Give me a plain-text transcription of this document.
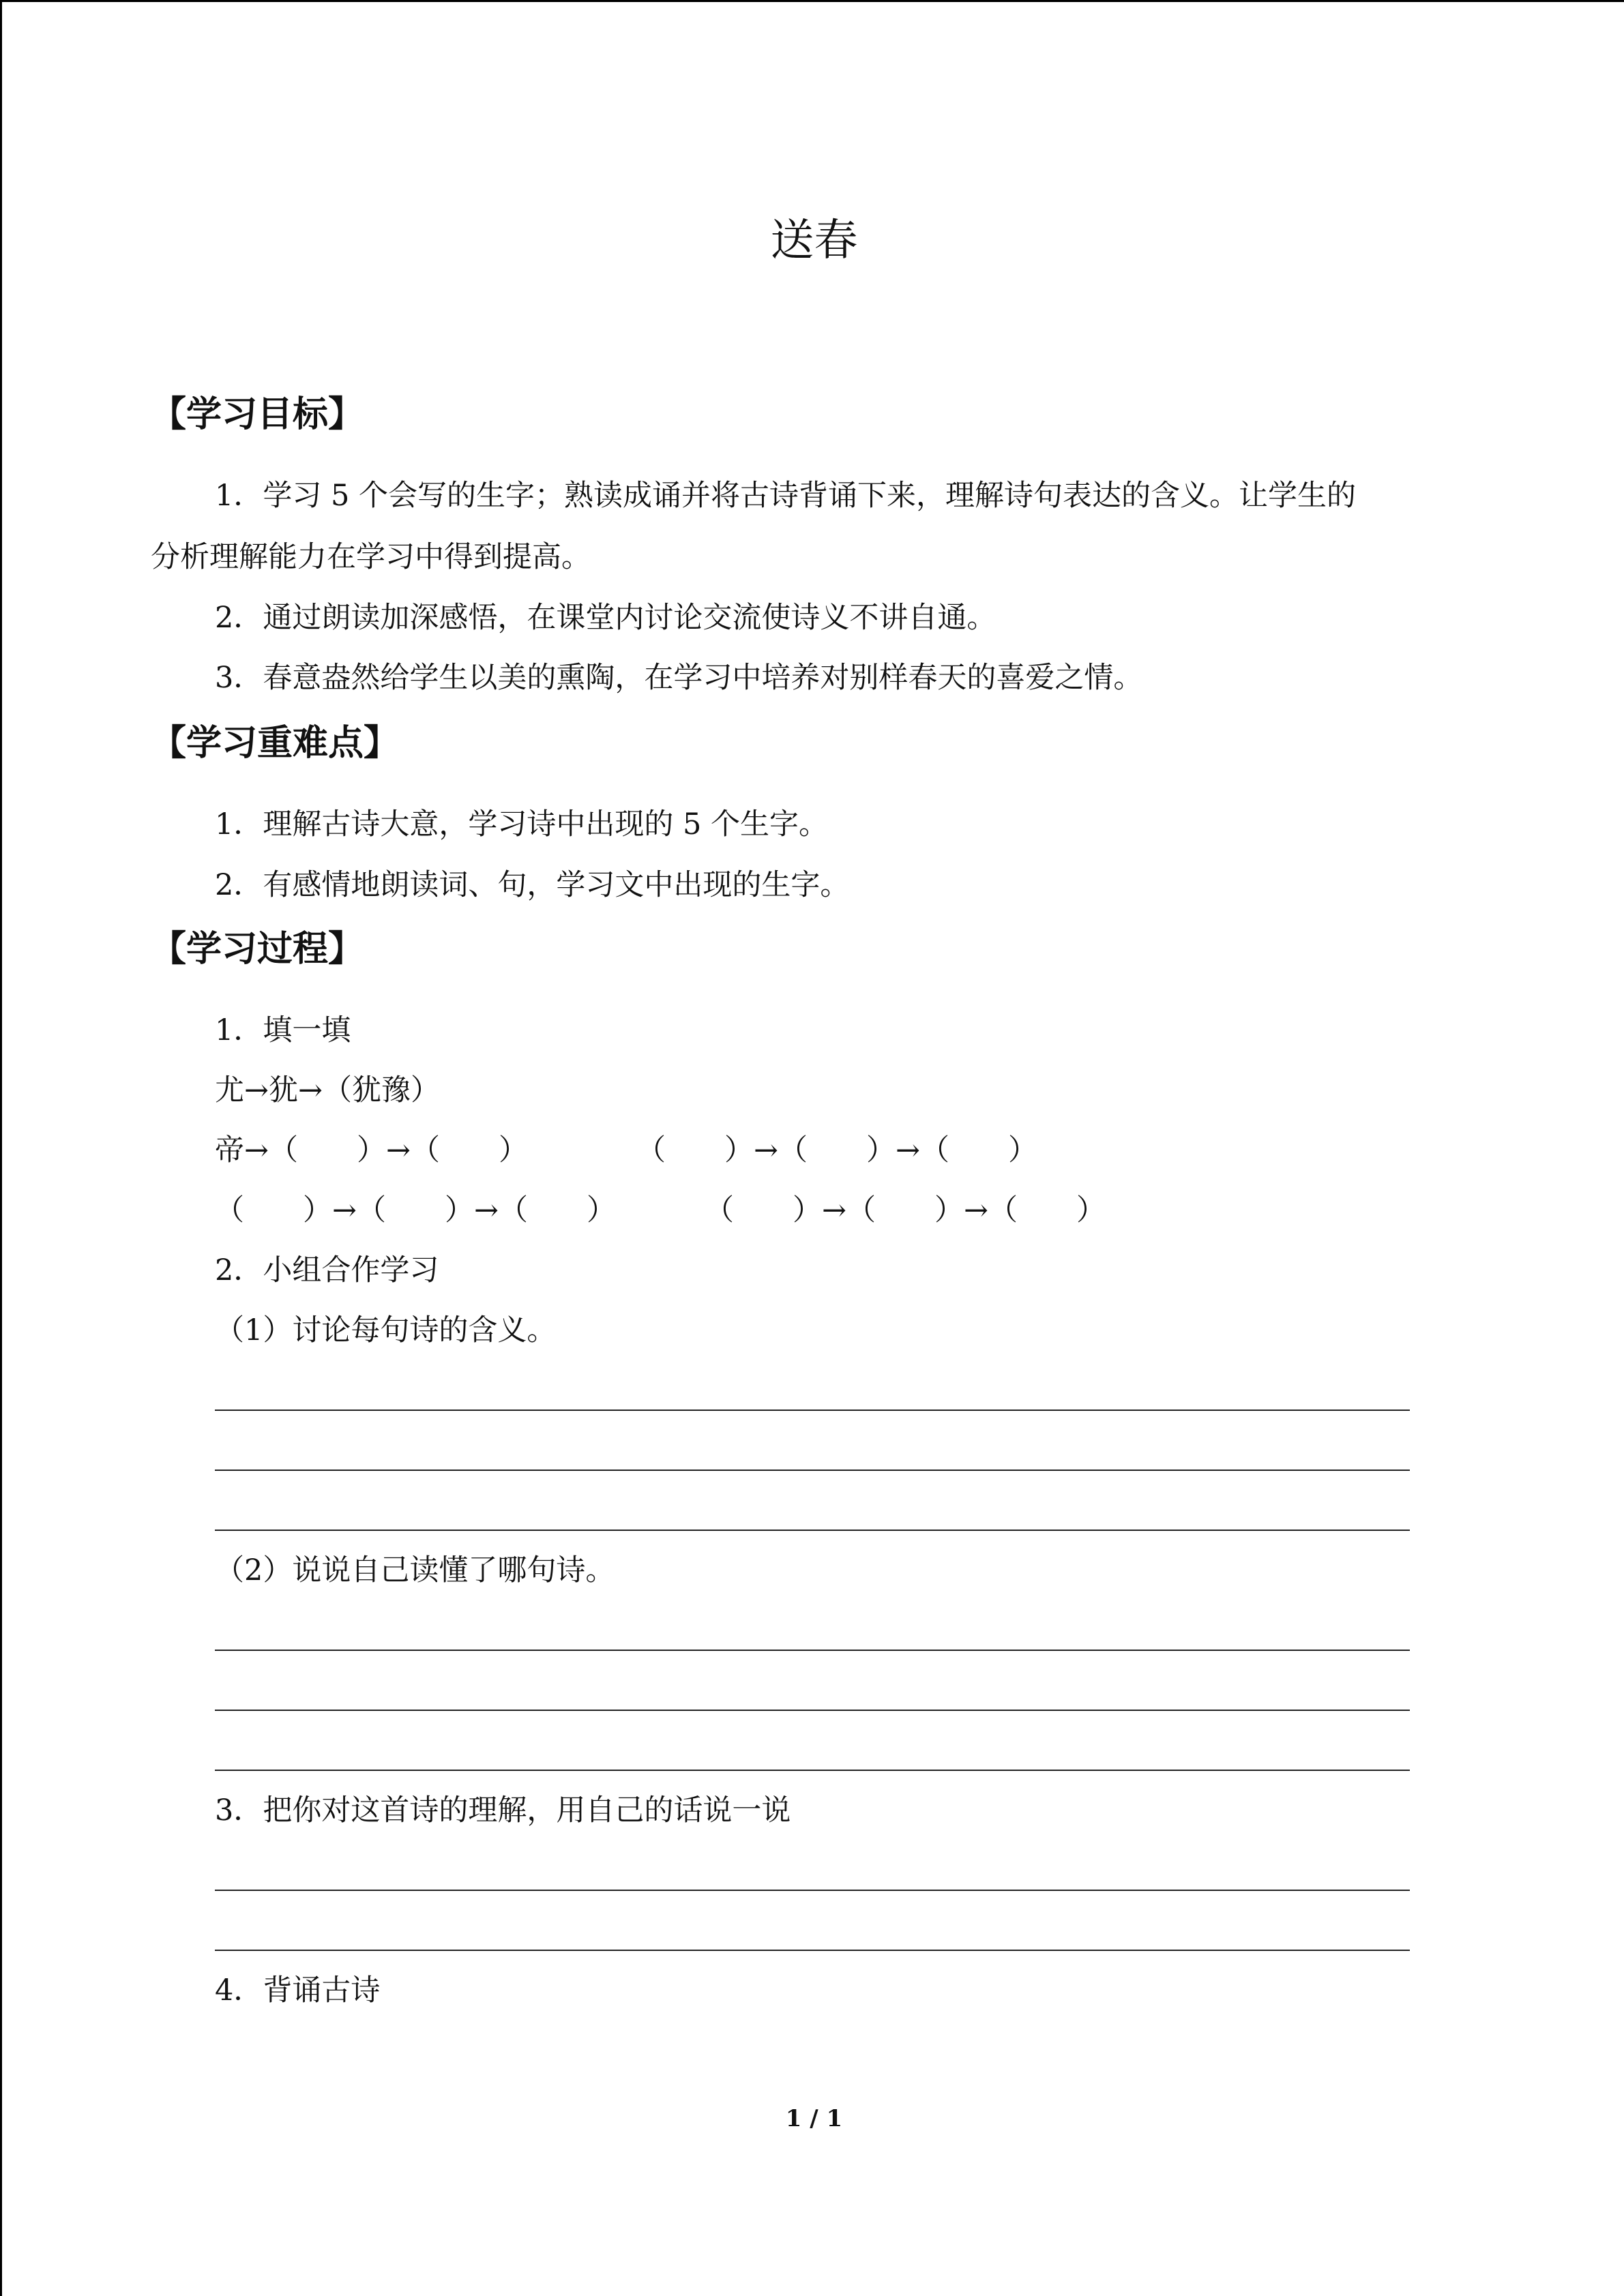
送春
【学习目标】
1．学习 5 个会写的生字；熟读成诵并将古诗背诵下来，理解诗句表达的含义。让学生的
分析理解能力在学习中得到提高。
2．通过朗读加深感悟，在课堂内讨论交流使诗义不讲自通。
3．春意盎然给学生以美的熏陶，在学习中培养对别样春天的喜爱之情。
【学习重难点】
1．理解古诗大意，学习诗中出现的 5 个生字。
2．有感情地朗读词、句，学习文中出现的生字。
【学习过程】
1．填一填
尤→犹→（犹豫）
帝→（　　）→（　　）	（　　）→（　　）→（　　）
（　　）→（　　）→（　　）	（　　）→（　　）→（　　）
2．小组合作学习
（1）讨论每句诗的含义。
（2）说说自己读懂了哪句诗。
3．把你对这首诗的理解，用自己的话说一说
4．背诵古诗
1 / 1
